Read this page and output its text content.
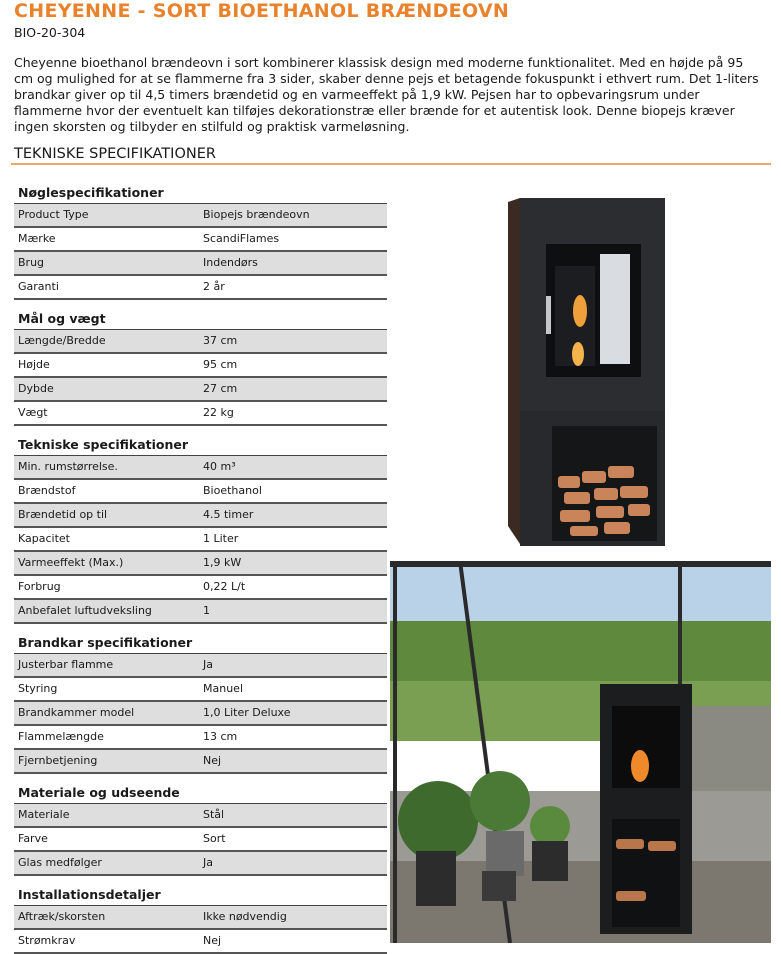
CHEYENNE - SORT BIOETHANOL BRÆNDEOVN
BIO-20-304
Cheyenne bioethanol brændeovn i sort kombinerer klassisk design med moderne funktionalitet. Med en højde på 95 cm og mulighed for at se flammerne fra 3 sider, skaber denne pejs et betagende fokuspunkt i ethvert rum. Det 1-liters brandkar giver op til 4,5 timers brændetid og en varmeeffekt på 1,9 kW. Pejsen har to opbevaringsrum under flammerne hvor der eventuelt kan tilføjes dekorationstræ eller brænde for et autentisk look. Denne biopejs kræver ingen skorsten og tilbyder en stilfuld og praktisk varmeløsning.
TEKNISKE SPECIFIKATIONER
Nøglespecifikationer
Product Type	Biopejs brændeovn
Mærke	ScandiFlames
Brug	Indendørs
Garanti	2 år
Mål og vægt
Længde/Bredde	37 cm
Højde	95 cm
Dybde	27 cm
Vægt	22 kg
Tekniske specifikationer
Min. rumstørrelse.	40 m³
Brændstof	Bioethanol
Brændetid op til	4.5 timer
Kapacitet	1 Liter
Varmeeffekt (Max.)	1,9 kW
Forbrug	0,22 L/t
Anbefalet luftudveksling	1
Brandkar specifikationer
Justerbar flamme	Ja
Styring	Manuel
Brandkammer model	1,0 Liter Deluxe
Flammelængde	13 cm
Fjernbetjening	Nej
Materiale og udseende
Materiale	Stål
Farve	Sort
Glas medfølger	Ja
Installationsdetaljer
Aftræk/skorsten	Ikke nødvendig
Strømkrav	Nej
